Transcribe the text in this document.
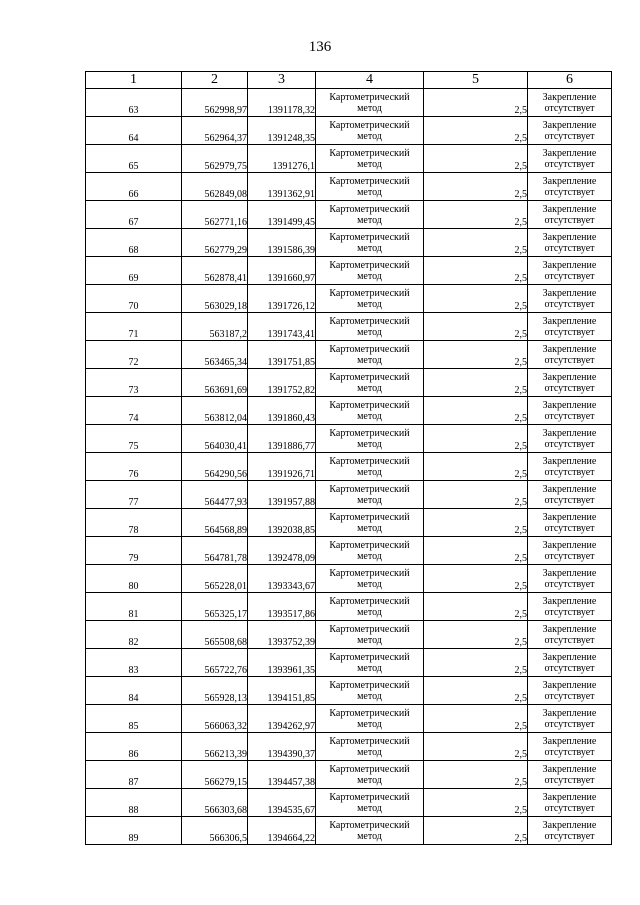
136
1	2	3	4	5	6
63	562998,97	1391178,32	Картометрический метод	2,5	Закрепление отсутствует
64	562964,37	1391248,35	Картометрический метод	2,5	Закрепление отсутствует
65	562979,75	1391276,1	Картометрический метод	2,5	Закрепление отсутствует
66	562849,08	1391362,91	Картометрический метод	2,5	Закрепление отсутствует
67	562771,16	1391499,45	Картометрический метод	2,5	Закрепление отсутствует
68	562779,29	1391586,39	Картометрический метод	2,5	Закрепление отсутствует
69	562878,41	1391660,97	Картометрический метод	2,5	Закрепление отсутствует
70	563029,18	1391726,12	Картометрический метод	2,5	Закрепление отсутствует
71	563187,2	1391743,41	Картометрический метод	2,5	Закрепление отсутствует
72	563465,34	1391751,85	Картометрический метод	2,5	Закрепление отсутствует
73	563691,69	1391752,82	Картометрический метод	2,5	Закрепление отсутствует
74	563812,04	1391860,43	Картометрический метод	2,5	Закрепление отсутствует
75	564030,41	1391886,77	Картометрический метод	2,5	Закрепление отсутствует
76	564290,56	1391926,71	Картометрический метод	2,5	Закрепление отсутствует
77	564477,93	1391957,88	Картометрический метод	2,5	Закрепление отсутствует
78	564568,89	1392038,85	Картометрический метод	2,5	Закрепление отсутствует
79	564781,78	1392478,09	Картометрический метод	2,5	Закрепление отсутствует
80	565228,01	1393343,67	Картометрический метод	2,5	Закрепление отсутствует
81	565325,17	1393517,86	Картометрический метод	2,5	Закрепление отсутствует
82	565508,68	1393752,39	Картометрический метод	2,5	Закрепление отсутствует
83	565722,76	1393961,35	Картометрический метод	2,5	Закрепление отсутствует
84	565928,13	1394151,85	Картометрический метод	2,5	Закрепление отсутствует
85	566063,32	1394262,97	Картометрический метод	2,5	Закрепление отсутствует
86	566213,39	1394390,37	Картометрический метод	2,5	Закрепление отсутствует
87	566279,15	1394457,38	Картометрический метод	2,5	Закрепление отсутствует
88	566303,68	1394535,67	Картометрический метод	2,5	Закрепление отсутствует
89	566306,5	1394664,22	Картометрический метод	2,5	Закрепление отсутствует
